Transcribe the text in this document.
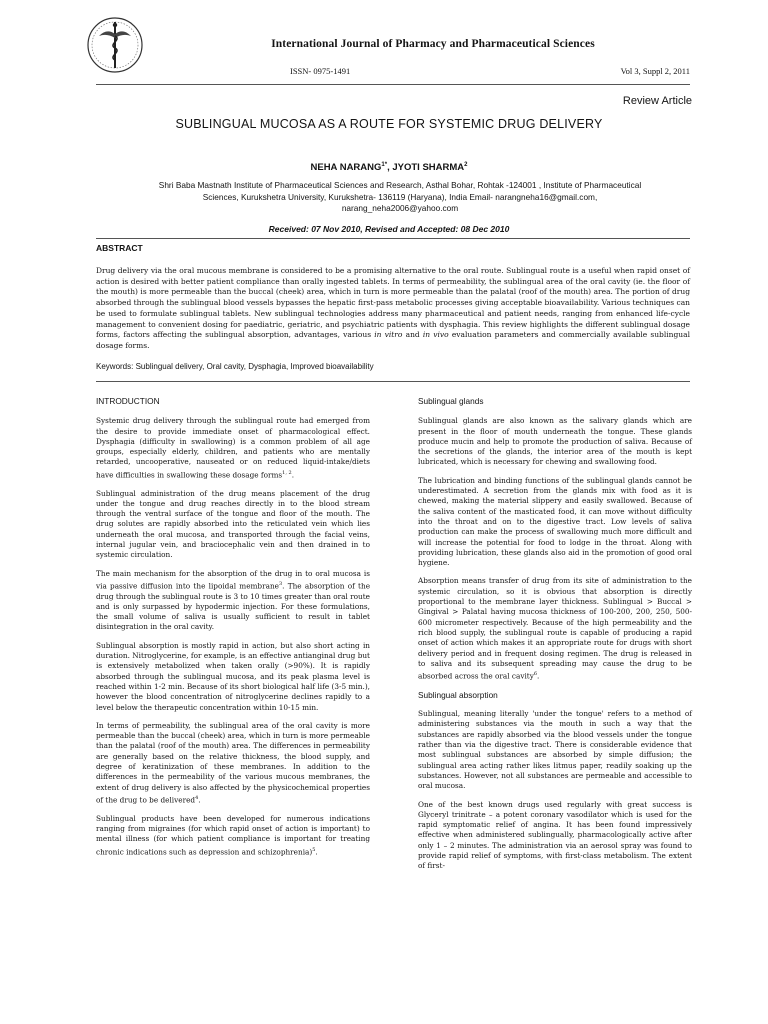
International Journal of Pharmacy and Pharmaceutical Sciences
ISSN- 0975-1491	Vol 3, Suppl 2, 2011
Review Article
SUBLINGUAL MUCOSA AS A ROUTE FOR SYSTEMIC DRUG DELIVERY
NEHA $NARANG^{1*}$, JYOTI SHARMA$^2$
Shri Baba Mastnath Institute of Pharmaceutical Sciences and Research, Asthal Bohar, Rohtak -124001 , Institute of Pharmaceutical
Sciences, Kurukshetra University, Kurukshetra- 136119 (Haryana), India Email- narangneha16@gmail.com,
narang_neha2006@yahoo.com
Received: 07 Nov 2010, Revised and Accepted: 08 Dec 2010
ABSTRACT
Drug delivery via the oral mucous membrane is considered to be a promising alternative to the oral route. Sublingual route is a useful when rapid onset of action is desired with better patient compliance than orally ingested tablets. In terms of permeability, the sublingual area of the oral cavity (ie. the floor of the mouth) is more permeable than the buccal (cheek) area, which in turn is more permeable than the palatal (roof of the mouth) area. The portion of drug absorbed through the sublingual blood vessels bypasses the hepatic first-pass metabolic processes giving acceptable bioavailability. Various techniques can be used to formulate sublingual tablets. New sublingual technologies address many pharmaceutical and patient needs, ranging from enhanced life-cycle management to convenient dosing for paediatric, geriatric, and psychiatric patients with dysphagia. This review highlights the different sublingual dosage forms, factors affecting the sublingual absorption, advantages, various in vitro and in vivo evaluation parameters and commercially available sublingual dosage forms.
Keywords: Sublingual delivery, Oral cavity, Dysphagia, Improved bioavailability
INTRODUCTION

Systemic drug delivery through the sublingual route had emerged from the desire to provide immediate onset of pharmacological effect. Dysphagia (difficulty in swallowing) is a common problem of all age groups, especially elderly, children, and patients who are mentally retarded, uncooperative, nauseated or on reduced liquid-intake/diets have difficulties in swallowing these dosage forms$^{1, 2}$.

Sublingual administration of the drug means placement of the drug under the tongue and drug reaches directly in to the blood stream through the ventral surface of the tongue and floor of the mouth. The drug solutes are rapidly absorbed into the reticulated vein which lies underneath the oral mucosa, and transported through the facial veins, internal jugular vein, and braciocephalic vein and then drained in to systemic circulation.

The main mechanism for the absorption of the drug in to oral mucosa is via passive diffusion into the lipoidal membrane$^3$. The absorption of the drug through the sublingual route is 3 to 10 times greater than oral route and is only surpassed by hypodermic injection. For these formulations, the small volume of saliva is usually sufficient to result in tablet disintegration in the oral cavity.

Sublingual absorption is mostly rapid in action, but also short acting in duration. Nitroglycerine, for example, is an effective antianginal drug but is extensively metabolized when taken orally (>90%). It is rapidly absorbed through the sublingual mucosa, and its peak plasma level is reached within 1-2 min. Because of its short biological half life (3-5 min.), however the blood concentration of nitroglycerine declines rapidly to a level below the therapeutic concentration within 10-15 min.

In terms of permeability, the sublingual area of the oral cavity is more permeable than the buccal (cheek) area, which in turn is more permeable than the palatal (roof of the mouth) area. The differences in permeability are generally based on the relative thickness, the blood supply, and degree of keratinization of these membranes. In addition to the differences in the permeability of the various mucous membranes, the extent of drug delivery is also affected by the physicochemical properties of the drug to be delivered$^4$.

Sublingual products have been developed for numerous indications ranging from migraines (for which rapid onset of action is important) to mental illness (for which patient compliance is important for treating chronic indications such as depression and schizophrenia)$^5$.

Sublingual glands

Sublingual glands are also known as the salivary glands which are present in the floor of mouth underneath the tongue. These glands produce mucin and help to promote the production of saliva. Because of the secretions of the glands, the interior area of the mouth is kept lubricated, which is necessary for chewing and swallowing food.

The lubrication and binding functions of the sublingual glands cannot be underestimated. A secretion from the glands mix with food as it is chewed, making the material slippery and easily swallowed. Because of the saliva content of the masticated food, it can move without difficulty into the throat and on to the digestive tract. Low levels of saliva production can make the process of swallowing much more difficult and will increase the potential for food to lodge in the throat. Along with providing lubrication, these glands also aid in the promotion of good oral hygiene.

Absorption means transfer of drug from its site of administration to the systemic circulation, so it is obvious that absorption is directly proportional to the membrane layer thickness. Sublingual > Buccal > Gingival > Palatal having mucosa thickness of 100-200, 200, 250, 500-600 micrometer respectively. Because of the high permeability and the rich blood supply, the sublingual route is capable of producing a rapid onset of action which makes it an appropriate route for drugs with short delivery period and in frequent dosing regimen. The drug is released in to saliva and its subsequent spreading may cause the drug to be absorbed across the oral cavity$^6$.

Sublingual absorption

Sublingual, meaning literally 'under the tongue' refers to a method of administering substances via the mouth in such a way that the substances are rapidly absorbed via the blood vessels under the tongue rather than via the digestive tract. There is considerable evidence that most sublingual substances are absorbed by simple diffusion; the sublingual area acting rather likes litmus paper, readily soaking up the substances. However, not all substances are permeable and accessible to oral mucosa.

One of the best known drugs used regularly with great success is Glyceryl trinitrate – a potent coronary vasodilator which is used for the rapid symptomatic relief of angina. It has been found impressively effective when administered sublingually, pharmacologically active after only 1 – 2 minutes. The administration via an aerosol spray was found to provide rapid relief of symptoms, with first-class metabolism. The extent of first-
